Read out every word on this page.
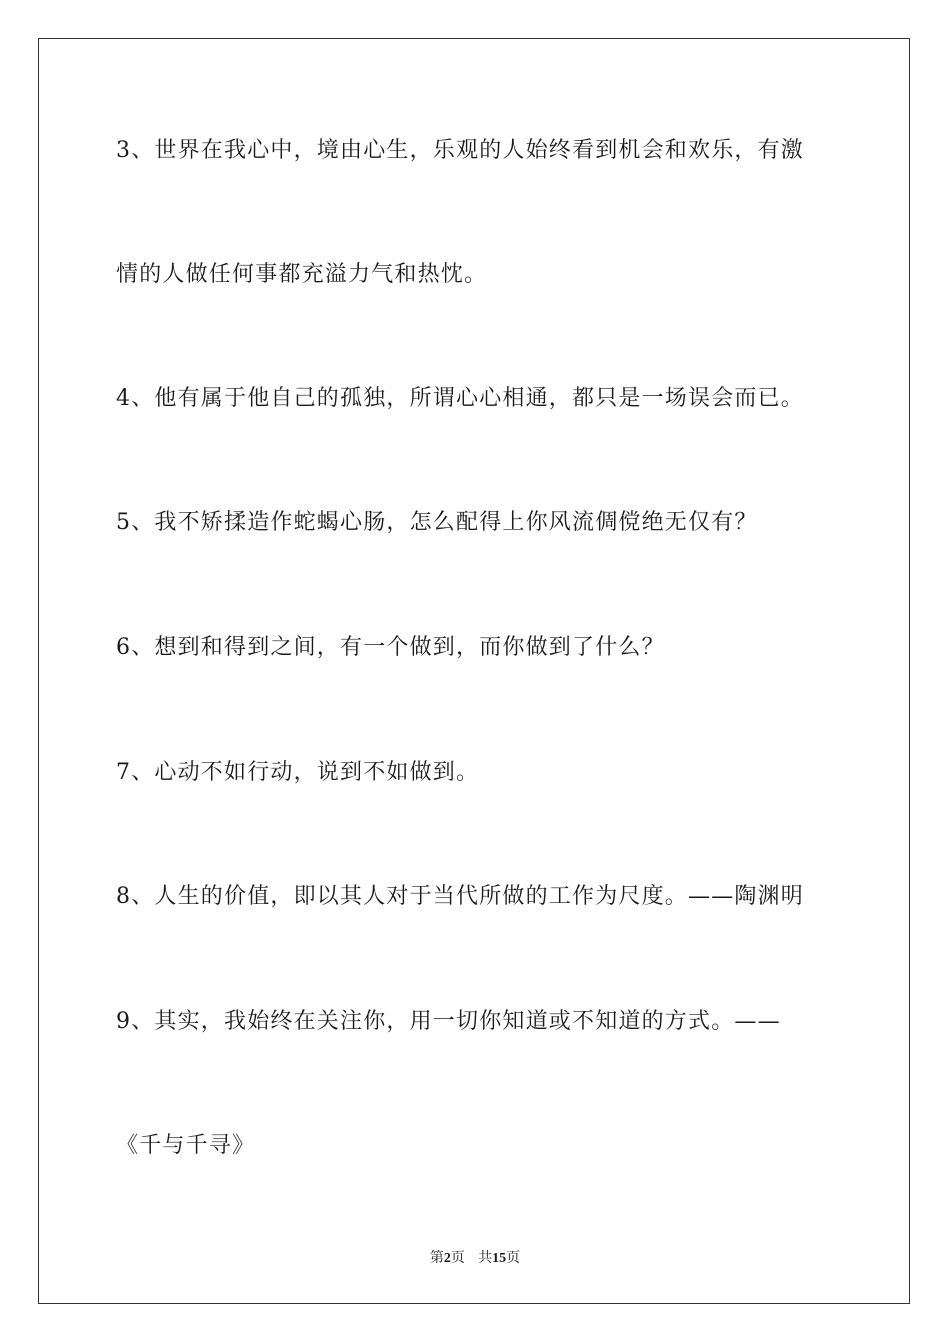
3、世界在我心中，境由心生，乐观的人始终看到机会和欢乐，有激
情的人做任何事都充溢力气和热忱。
4、他有属于他自己的孤独，所谓心心相通，都只是一场误会而已。
5、我不矫揉造作蛇蝎心肠，怎么配得上你风流倜傥绝无仅有？
6、想到和得到之间，有一个做到，而你做到了什么？
7、心动不如行动，说到不如做到。
8、人生的价值，即以其人对于当代所做的工作为尺度。——陶渊明
9、其实，我始终在关注你，用一切你知道或不知道的方式。——
《千与千寻》
第2页 共15页
